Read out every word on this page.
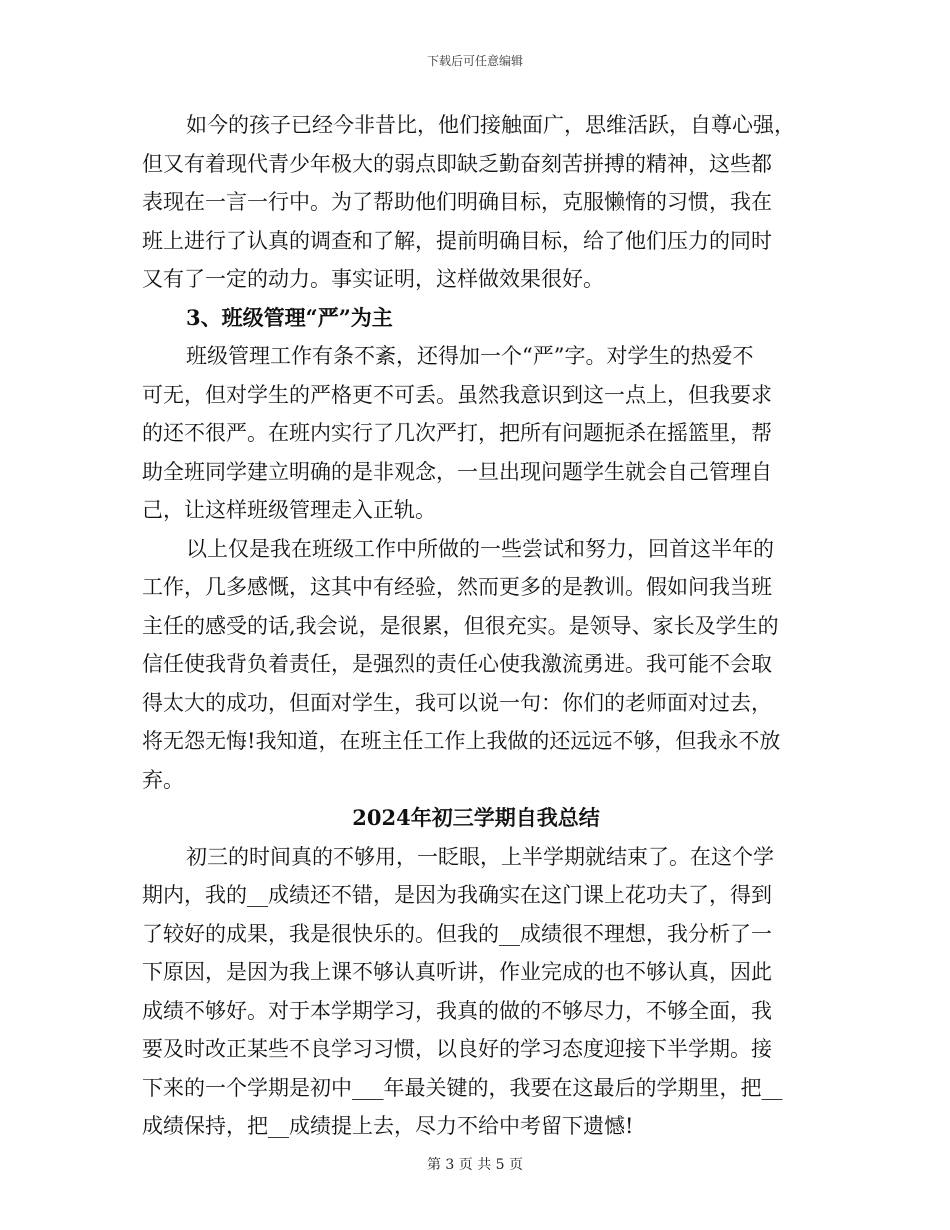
下载后可任意编辑
如今的孩子已经今非昔比，他们接触面广，思维活跃，自尊心强，
但又有着现代青少年极大的弱点即缺乏勤奋刻苦拼搏的精神，这些都
表现在一言一行中。为了帮助他们明确目标，克服懒惰的习惯，我在
班上进行了认真的调查和了解，提前明确目标，给了他们压力的同时
又有了一定的动力。事实证明，这样做效果很好。
3、班级管理“严”为主
班级管理工作有条不紊，还得加一个“严”字。对学生的热爱不
可无，但对学生的严格更不可丢。虽然我意识到这一点上，但我要求
的还不很严。在班内实行了几次严打，把所有问题扼杀在摇篮里，帮
助全班同学建立明确的是非观念，一旦出现问题学生就会自己管理自
己，让这样班级管理走入正轨。
以上仅是我在班级工作中所做的一些尝试和努力，回首这半年的
工作，几多感慨，这其中有经验，然而更多的是教训。假如问我当班
主任的感受的话,我会说，是很累，但很充实。是领导、家长及学生的
信任使我背负着责任，是强烈的责任心使我激流勇进。我可能不会取
得太大的成功，但面对学生，我可以说一句：你们的老师面对过去，
将无怨无悔!我知道，在班主任工作上我做的还远远不够，但我永不放
弃。
2024年初三学期自我总结
初三的时间真的不够用，一眨眼，上半学期就结束了。在这个学
期内，我的__成绩还不错，是因为我确实在这门课上花功夫了，得到
了较好的成果，我是很快乐的。但我的__成绩很不理想，我分析了一
下原因，是因为我上课不够认真听讲，作业完成的也不够认真，因此
成绩不够好。对于本学期学习，我真的做的不够尽力，不够全面，我
要及时改正某些不良学习习惯，以良好的学习态度迎接下半学期。接
下来的一个学期是初中___年最关键的，我要在这最后的学期里，把__
成绩保持，把__成绩提上去，尽力不给中考留下遗憾!
第 3 页 共 5 页
